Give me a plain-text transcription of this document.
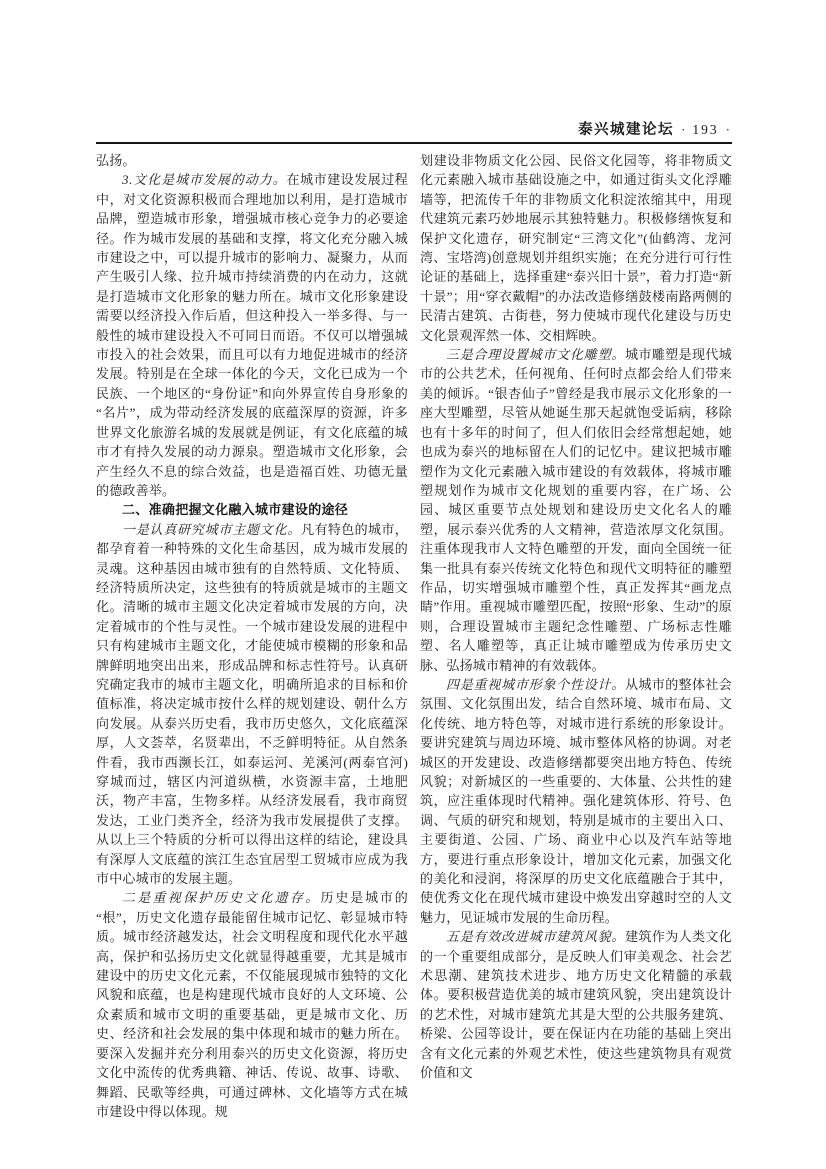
泰兴城建论坛 · 193 ·

弘扬。

3.文化是城市发展的动力。在城市建设发展过程中，对文化资源积极而合理地加以利用，是打造城市品牌，塑造城市形象，增强城市核心竞争力的必要途径。作为城市发展的基础和支撑，将文化充分融入城市建设之中，可以提升城市的影响力、凝聚力，从而产生吸引人缘、拉升城市持续消费的内在动力，这就是打造城市文化形象的魅力所在。城市文化形象建设需要以经济投入作后盾，但这种投入一举多得、与一般性的城市建设投入不可同日而语。不仅可以增强城市投入的社会效果，而且可以有力地促进城市的经济发展。特别是在全球一体化的今天，文化已成为一个民族、一个地区的“身份证”和向外界宣传自身形象的“名片”，成为带动经济发展的底蕴深厚的资源，许多世界文化旅游名城的发展就是例证，有文化底蕴的城市才有持久发展的动力源泉。塑造城市文化形象，会产生经久不息的综合效益，也是造福百姓、功德无量的德政善举。

二、准确把握文化融入城市建设的途径

一是认真研究城市主题文化。凡有特色的城市，都孕育着一种特殊的文化生命基因，成为城市发展的灵魂。这种基因由城市独有的自然特质、文化特质、经济特质所决定，这些独有的特质就是城市的主题文化。清晰的城市主题文化决定着城市发展的方向，决定着城市的个性与灵性。一个城市建设发展的进程中只有构建城市主题文化，才能使城市模糊的形象和品牌鲜明地突出出来，形成品牌和标志性符号。认真研究确定我市的城市主题文化，明确所追求的目标和价值标准，将决定城市按什么样的规划建设、朝什么方向发展。从泰兴历史看，我市历史悠久，文化底蕴深厚，人文荟萃，名贤辈出，不乏鲜明特征。从自然条件看，我市西濒长江，如泰运河、羌溪河(两泰官河)穿城而过，辖区内河道纵横，水资源丰富，土地肥沃，物产丰富，生物多样。从经济发展看，我市商贸发达，工业门类齐全，经济为我市发展提供了支撑。从以上三个特质的分析可以得出这样的结论，建设具有深厚人文底蕴的滨江生态宜居型工贸城市应成为我市中心城市的发展主题。

二是重视保护历史文化遗存。历史是城市的“根”，历史文化遗存最能留住城市记忆、彰显城市特质。城市经济越发达，社会文明程度和现代化水平越高，保护和弘扬历史文化就显得越重要，尤其是城市建设中的历史文化元素，不仅能展现城市独特的文化风貌和底蕴，也是构建现代城市良好的人文环境、公众素质和城市文明的重要基础，更是城市文化、历史、经济和社会发展的集中体现和城市的魅力所在。要深入发掘并充分利用泰兴的历史文化资源，将历史文化中流传的优秀典籍、神话、传说、故事、诗歌、舞蹈、民歌等经典，可通过碑林、文化墙等方式在城市建设中得以体现。规

划建设非物质文化公园、民俗文化园等，将非物质文化元素融入城市基础设施之中，如通过街头文化浮雕墙等，把流传千年的非物质文化积淀浓缩其中，用现代建筑元素巧妙地展示其独特魅力。积极修缮恢复和保护文化遗存，研究制定“三湾文化”(仙鹤湾、龙河湾、宝塔湾)创意规划并组织实施；在充分进行可行性论证的基础上，选择重建“泰兴旧十景”，着力打造“新十景”；用“穿衣戴帽”的办法改造修缮鼓楼南路两侧的民清古建筑、古街巷，努力使城市现代化建设与历史文化景观浑然一体、交相辉映。

三是合理设置城市文化雕塑。城市雕塑是现代城市的公共艺术，任何视角、任何时点都会给人们带来美的倾诉。“银杏仙子”曾经是我市展示文化形象的一座大型雕塑，尽管从她诞生那天起就饱受诟病，移除也有十多年的时间了，但人们依旧会经常想起她，她也成为泰兴的地标留在人们的记忆中。建议把城市雕塑作为文化元素融入城市建设的有效载体，将城市雕塑规划作为城市文化规划的重要内容，在广场、公园、城区重要节点处规划和建设历史文化名人的雕塑，展示泰兴优秀的人文精神，营造浓厚文化氛围。注重体现我市人文特色雕塑的开发，面向全国统一征集一批具有泰兴传统文化特色和现代文明特征的雕塑作品，切实增强城市雕塑个性，真正发挥其“画龙点睛”作用。重视城市雕塑匹配，按照“形象、生动”的原则，合理设置城市主题纪念性雕塑、广场标志性雕塑、名人雕塑等，真正让城市雕塑成为传承历史文脉、弘扬城市精神的有效载体。

四是重视城市形象个性设计。从城市的整体社会氛围、文化氛围出发，结合自然环境、城市布局、文化传统、地方特色等，对城市进行系统的形象设计。要讲究建筑与周边环境、城市整体风格的协调。对老城区的开发建设、改造修缮都要突出地方特色、传统风貌；对新城区的一些重要的、大体量、公共性的建筑，应注重体现时代精神。强化建筑体形、符号、色调、气质的研究和规划，特别是城市的主要出入口、主要街道、公园、广场、商业中心以及汽车站等地方，要进行重点形象设计，增加文化元素，加强文化的美化和浸润，将深厚的历史文化底蕴融合于其中，使优秀文化在现代城市建设中焕发出穿越时空的人文魅力，见证城市发展的生命历程。

五是有效改进城市建筑风貌。建筑作为人类文化的一个重要组成部分，是反映人们审美观念、社会艺术思潮、建筑技术进步、地方历史文化精髓的承载体。要积极营造优美的城市建筑风貌，突出建筑设计的艺术性，对城市建筑尤其是大型的公共服务建筑、桥梁、公园等设计，要在保证内在功能的基础上突出含有文化元素的外观艺术性，使这些建筑物具有观赏价值和文
